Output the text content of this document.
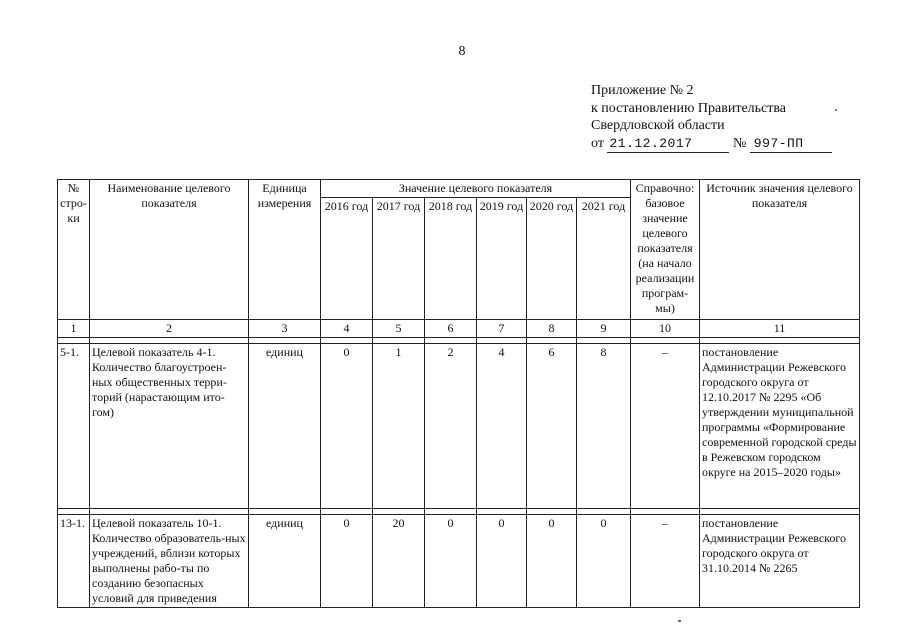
8
Приложение № 2
к постановлению Правительства
Свердловской области
от 21.12.2017	№ 997-ПП
№ стро-ки	Наименование целевого показателя	Единица измерения	Значение целевого показателя						Справочно: базовое значение целевого показателя (на начало реализации програм-мы)	Источник значения целевого показателя
			2016 год	2017 год	2018 год	2019 год	2020 год	2021 год		
1	2	3	4	5	6	7	8	9	10	11

5-1.	Целевой показатель 4-1. Количество благоустроен-ных общественных терри-торий (нарастающим ито-гом)	единиц	0	1	2	4	6	8	–	постановление Администрации Режевского городского округа от 12.10.2017 № 2295 «Об утверждении муниципальной программы «Формирование современной городской среды в Режевском городском округе на 2015–2020 годы»

13-1.	Целевой показатель 10-1. Количество образователь-ных учреждений, вблизи которых выполнены рабо-ты по созданию безопасных условий для приведения	единиц	0	20	0	0	0	0	–	постановление Администрации Режевского городского округа от 31.10.2014 № 2265
